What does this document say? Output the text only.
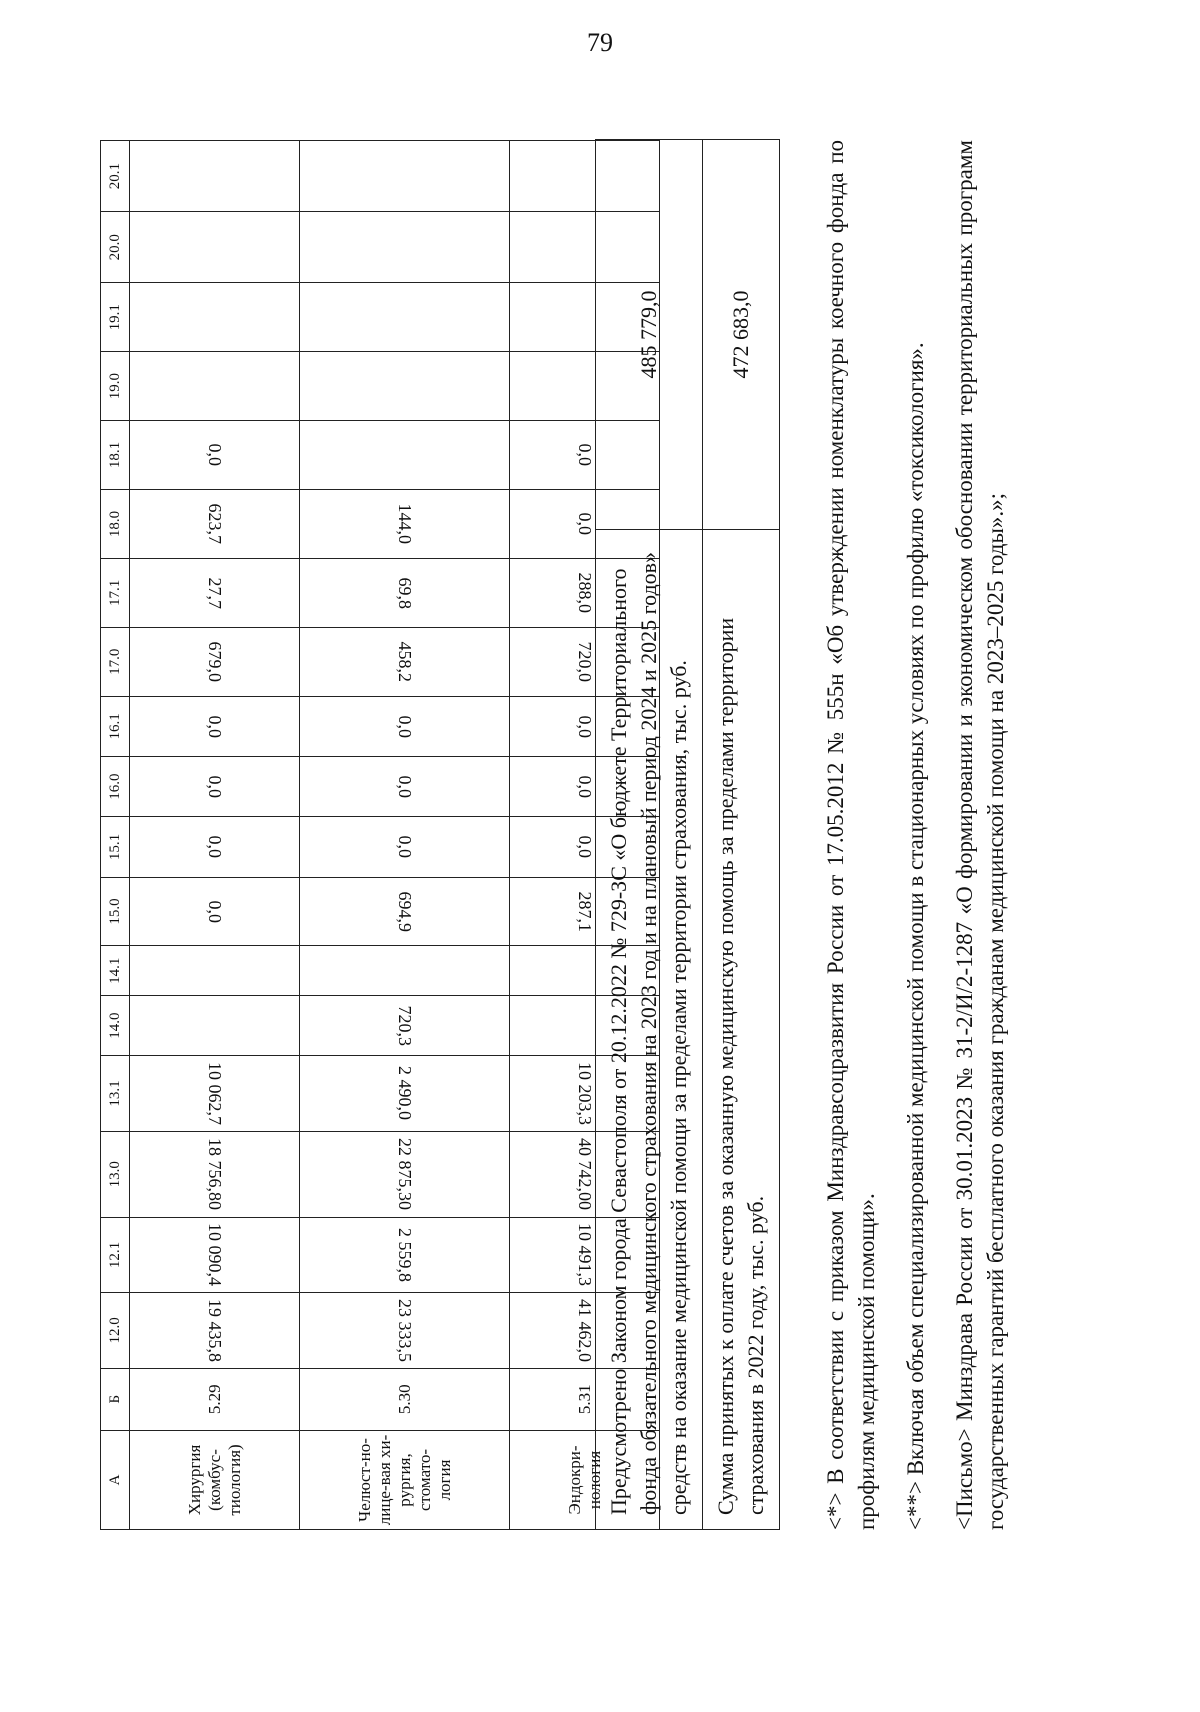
79
А	Б	12.0	12.1	13.0	13.1	14.0	14.1	15.0	15.1	16.0	16.1	17.0	17.1	18.0	18.1	19.0	19.1	20.0	20.1
Хирургия (комбус-тиология)	5.29	19 435,8	10 090,4	18 756,80	10 062,7			0,0	0,0	0,0	0,0	679,0	27,7	623,7	0,0				
Челюст-но-лице-вая хи-рургия, стомато-логия	5.30	23 333,5	2 559,8	22 875,30	2 490,0	720,3		694,9	0,0	0,0	0,0	458,2	69,8	144,0					
Эндокри-нология	5.31	41 462,0	10 491,3	40 742,00	10 203,3			287,1	0,0	0,0	0,0	720,0	288,0	0,0	0,0				
Предусмотрено Законом города Севастополя от 20.12.2022 № 729-ЗС «О бюджете Территориального фонда обязательного медицинского страхования на 2023 год и на плановый период 2024 и 2025 годов» средств на оказание медицинской помощи за пределами территории страхования, тыс. руб.	485 779,0
Сумма принятых к оплате счетов за оказанную медицинскую помощь за пределами территории страхования в 2022 году, тыс. руб.	472 683,0	<*> В соответствии с приказом Минздравсоцразвития России от 17.05.2012 № 555н «Об утверждении номенклатуры коечного фонда по профилям медицинской помощи». <**> Включая объем специализированной медицинской помощи в стационарных условиях по профилю «токсикология». <Письмо> Минздрава России от 30.01.2023 № 31-2/И/2-1287 «О формировании и экономическом обосновании территориальных программ государственных гарантий бесплатного оказания гражданам медицинской помощи на 2023–2025 годы».»;
